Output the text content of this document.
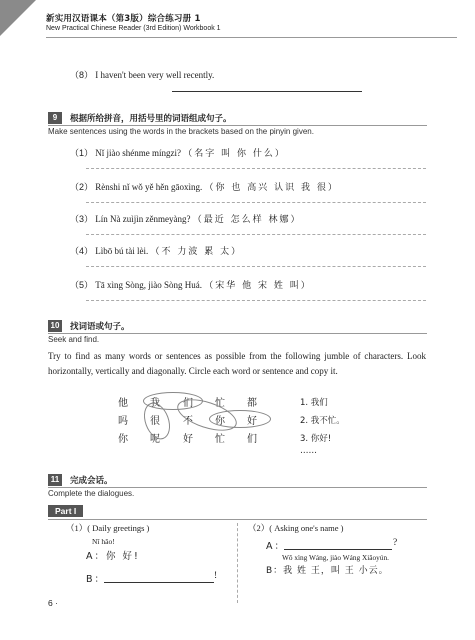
新实用汉语课本（第3版）综合练习册 1
New Practical Chinese Reader (3rd Edition) Workbook 1
（8） I haven't been very well recently.
9	根据所给拼音，用括号里的词语组成句子。
Make sentences using the words in the brackets based on the pinyin given.
（1） Nǐ jiào shénme míngzi? （名字 叫 你 什么）
（2） Rènshi nǐ wǒ yě hěn gāoxìng. （你 也 高兴 认识 我 很）
（3） Lín Nà zuìjìn zěnmeyàng? （最近 怎么样 林娜）
（4） Lìbō bú tài lèi. （不 力波 累 太）
（5） Tā xìng Sòng, jiào Sòng Huá. （宋华 他 宋 姓 叫）
10 找词语或句子。
Seek and find.
Try to find as many words or sentences as possible from the following jumble of characters. Look horizontally, vertically and diagonally. Circle each word or sentence and copy it.
他 我 们 忙 都
吗 很 不 你 好
你 呢 好 忙 们
1. 我们
2. 我不忙。
3. 你好!
……
11	完成会话。
Complete the dialogues.
Part I
（1）( Daily greetings )
Nǐ hǎo!
A：你 好!
B：	!
（2）( Asking one's name )
A：	?
Wǒ xìng Wáng, jiào Wáng Xiǎoyún.
B：我 姓 王，叫 王 小云。
6 ·
